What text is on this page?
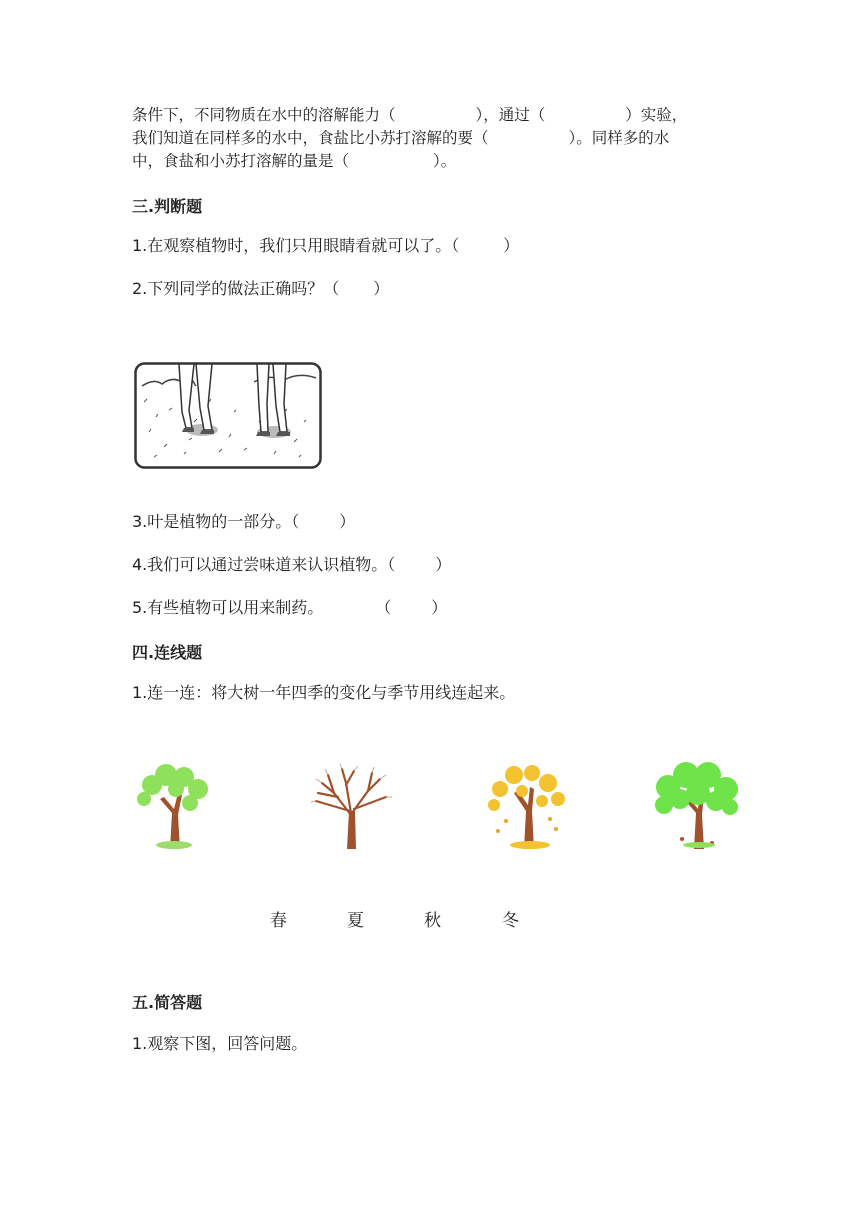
条件下，不同物质在水中的溶解能力（	），通过（	）实验，
我们知道在同样多的水中，食盐比小苏打溶解的要（	）。同样多的水
中，食盐和小苏打溶解的量是（	）。
三.判断题
1.在观察植物时，我们只用眼睛看就可以了。（	）
2.下列同学的做法正确吗？（ ）
3.叶是植物的一部分。（	）
4.我们可以通过尝味道来认识植物。（	）
5.有些植物可以用来制药。	（	）
四.连线题
1.连一连：将大树一年四季的变化与季节用线连起来。
春	夏	秋	冬
五.简答题
1.观察下图，回答问题。
